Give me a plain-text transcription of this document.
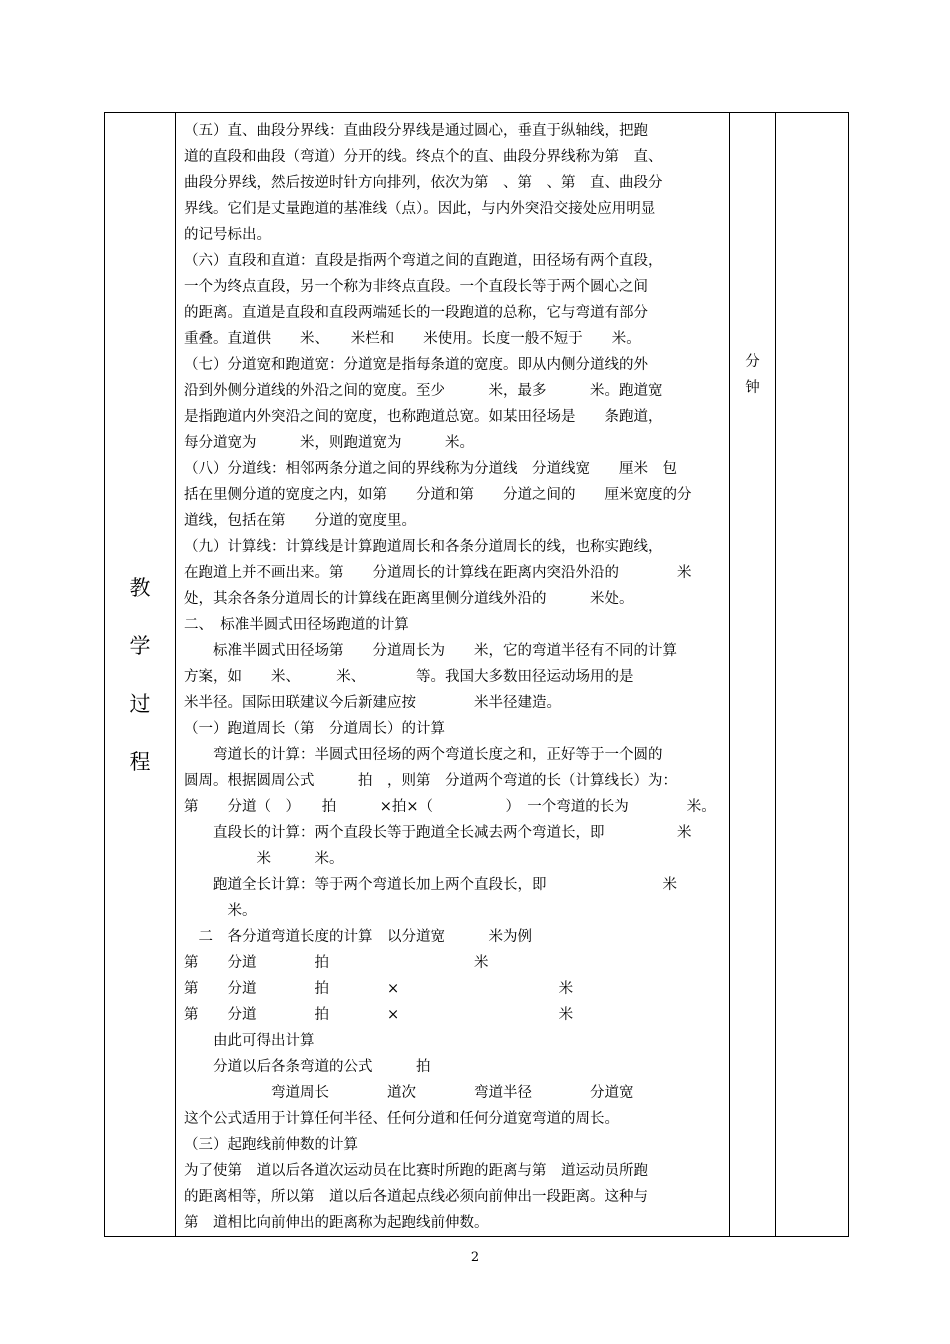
教
学
过
程

（五）直、曲段分界线：直曲段分界线是通过圆心，垂直于纵轴线，把跑

道的直段和曲段（弯道）分开的线。终点个的直、曲段分界线称为第　直、

曲段分界线，然后按逆时针方向排列，依次为第　、第　、第　直、曲段分

界线。它们是丈量跑道的基准线（点）。因此，与内外突沿交接处应用明显

的记号标出。

（六）直段和直道：直段是指两个弯道之间的直跑道，田径场有两个直段，

一个为终点直段，另一个称为非终点直段。一个直段长等于两个圆心之间

的距离。直道是直段和直段两端延长的一段跑道的总称，它与弯道有部分

重叠。直道供　　米、　　米栏和　　米使用。长度一般不短于　　米。

（七）分道宽和跑道宽：分道宽是指每条道的宽度。即从内侧分道线的外

沿到外侧分道线的外沿之间的宽度。至少　　　米，最多　　　米。跑道宽

是指跑道内外突沿之间的宽度，也称跑道总宽。如某田径场是　　条跑道，

每分道宽为　　　米，则跑道宽为　　　米。

（八）分道线：相邻两条分道之间的界线称为分道线　分道线宽　　厘米　包

括在里侧分道的宽度之内，如第　　分道和第　　分道之间的　　厘米宽度的分

道线，包括在第　　分道的宽度里。

（九）计算线：计算线是计算跑道周长和各条分道周长的线，也称实跑线，

在跑道上并不画出来。第　　分道周长的计算线在距离内突沿外沿的　　　　米

处，其余各条分道周长的计算线在距离里侧分道线外沿的　　　米处。

二、　标准半圆式田径场跑道的计算

　　标准半圆式田径场第　　分道周长为　　米，它的弯道半径有不同的计算

方案，如　　米、　　　米、　　　　等。我国大多数田径运动场用的是

米半径。国际田联建议今后新建应按　　　　米半径建造。

（一）跑道周长（第　分道周长）的计算

　　弯道长的计算：半圆式田径场的两个弯道长度之和，正好等于一个圆的

圆周。根据圆周公式　　　拍　，则第　分道两个弯道的长（计算线长）为：

第　　分道（　）　　拍　　　×拍×（　　　　　）　一个弯道的长为　　　　米。

　　直段长的计算：两个直段长等于跑道全长减去两个弯道长，即　　　　　米

　　　　　米　　　米。

　　跑道全长计算：等于两个弯道长加上两个直段长，即　　　　　　　　米

　　　米。

　二　各分道弯道长度的计算　以分道宽　　　米为例

第　　分道　　　　拍　　　　　　　　　　米

第　　分道　　　　拍　　　　×　　　　　　　　　　　米

第　　分道　　　　拍　　　　×　　　　　　　　　　　米

　　由此可得出计算

　　分道以后各条弯道的公式　　　拍

　　　　　　弯道周长　　　　道次　　　　弯道半径　　　　分道宽

这个公式适用于计算任何半径、任何分道和任何分道宽弯道的周长。

（三）起跑线前伸数的计算

为了使第　道以后各道次运动员在比赛时所跑的距离与第　道运动员所跑

的距离相等，所以第　道以后各道起点线必须向前伸出一段距离。这种与

第　道相比向前伸出的距离称为起跑线前伸数。

分
钟

2
